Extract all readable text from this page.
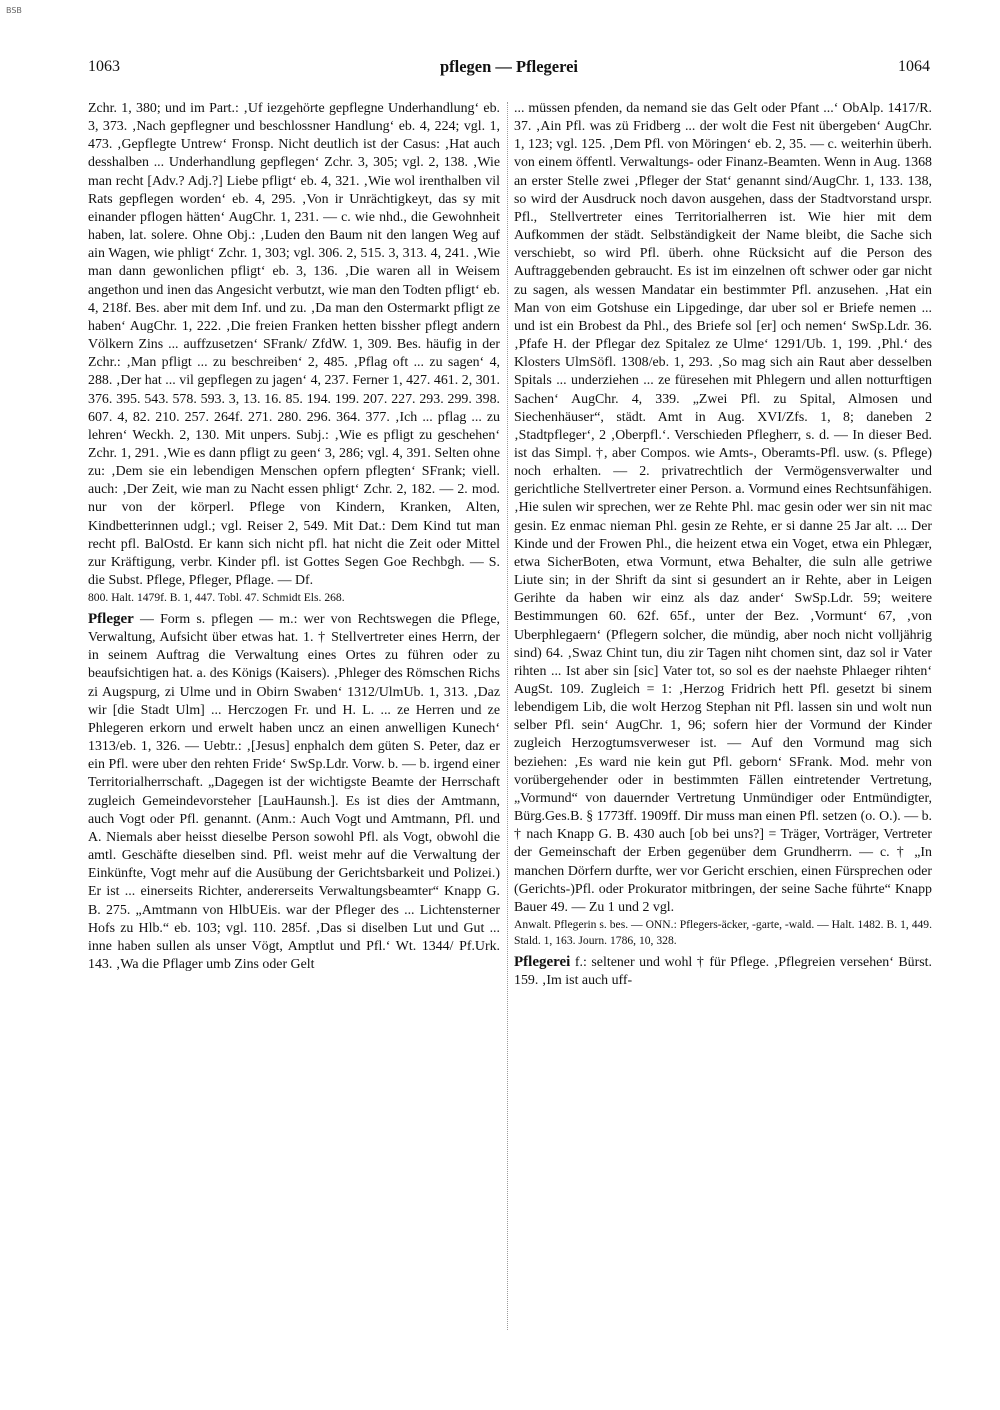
BSB
1063	pflegen — Pflegerei	1064

Zchr. 1, 380; und im Part.: ‚Uf iezgehörte gepflegne Underhandlung‘ eb. 3, 373. ‚Nach gepflegner und beschlossner Handlung‘ eb. 4, 224; vgl. 1, 473. ‚Gepflegte Untrew‘ Fronsp. Nicht deutlich ist der Casus: ‚Hat auch desshalben ... Underhandlung gepflegen‘ Zchr. 3, 305; vgl. 2, 138. ‚Wie man recht [Adv.? Adj.?] Liebe pfligt‘ eb. 4, 321. ‚Wie wol irenthalben vil Rats gepflegen worden‘ eb. 4, 295. ‚Von ir Unrächtigkeyt, das sy mit einander pflogen hätten‘ AugChr. 1, 231. — c. wie nhd., die Gewohnheit haben, lat. solere. Ohne Obj.: ‚Luden den Baum nit den langen Weg auf ain Wagen, wie phligt‘ Zchr. 1, 303; vgl. 306. 2, 515. 3, 313. 4, 241. ‚Wie man dann gewonlichen pfligt‘ eb. 3, 136. ‚Die waren all in Weisem angethon und inen das Angesicht verbutzt, wie man den Todten pfligt‘ eb. 4, 218f. Bes. aber mit dem Inf. und zu. ‚Da man den Ostermarkt pfligt ze haben‘ AugChr. 1, 222. ‚Die freien Franken hetten bissher pflegt andern Völkern Zins ... auffzusetzen‘ SFrank/ ZfdW. 1, 309. Bes. häufig in der Zchr.: ‚Man pfligt ... zu beschreiben‘ 2, 485. ‚Pflag oft ... zu sagen‘ 4, 288. ‚Der hat ... vil gepflegen zu jagen‘ 4, 237. Ferner 1, 427. 461. 2, 301. 376. 395. 543. 578. 593. 3, 13. 16. 85. 194. 199. 207. 227. 293. 299. 398. 607. 4, 82. 210. 257. 264f. 271. 280. 296. 364. 377. ‚Ich ... pflag ... zu lehren‘ Weckh. 2, 130. Mit unpers. Subj.: ‚Wie es pfligt zu geschehen‘ Zchr. 1, 291. ‚Wie es dann pfligt zu geen‘ 3, 286; vgl. 4, 391. Selten ohne zu: ‚Dem sie ein lebendigen Menschen opfern pflegten‘ SFrank; viell. auch: ‚Der Zeit, wie man zu Nacht essen phligt‘ Zchr. 2, 182. — 2. mod. nur von der körperl. Pflege von Kindern, Kranken, Alten, Kindbetterinnen udgl.; vgl. Reiser 2, 549. Mit Dat.: Dem Kind tut man recht pfl. BalOstd. Er kann sich nicht pfl. hat nicht die Zeit oder Mittel zur Kräftigung, verbr. Kinder pfl. ist Gottes Segen Goe Rechbgh. — S. die Subst. Pflege, Pfleger, Pflage. — Df.

800. Halt. 1479f. B. 1, 447. Tobl. 47. Schmidt Els. 268.

Pfleger — Form s. pflegen — m.: wer von Rechtswegen die Pflege, Verwaltung, Aufsicht über etwas hat. 1. † Stellvertreter eines Herrn, der in seinem Auftrag die Verwaltung eines Ortes zu führen oder zu beaufsichtigen hat. a. des Königs (Kaisers). ‚Phleger des Römschen Richs zi Augspurg, zi Ulme und in Obirn Swaben‘ 1312/UlmUb. 1, 313. ‚Daz wir [die Stadt Ulm] ... Herczogen Fr. und H. L. ... ze Herren und ze Phlegeren erkorn und erwelt haben uncz an einen anwelligen Kunech‘ 1313/eb. 1, 326. — Uebtr.: ‚[Jesus] enphalch dem güten S. Peter, daz er ein Pfl. were uber den rehten Fride‘ SwSp.Ldr. Vorw. b. — b. irgend einer Territorialherrschaft. „Dagegen ist der wichtigste Beamte der Herrschaft zugleich Gemeindevorsteher [LauHaunsh.]. Es ist dies der Amtmann, auch Vogt oder Pfl. genannt. (Anm.: Auch Vogt und Amtmann, Pfl. und A. Niemals aber heisst dieselbe Person sowohl Pfl. als Vogt, obwohl die amtl. Geschäfte dieselben sind. Pfl. weist mehr auf die Verwaltung der Einkünfte, Vogt mehr auf die Ausübung der Gerichtsbarkeit und Polizei.) Er ist ... einerseits Richter, andererseits Verwaltungsbeamter“ Knapp G. B. 275. „Amtmann von HlbUEis. war der Pfleger des ... Lichtensterner Hofs zu Hlb.“ eb. 103; vgl. 110. 285f. ‚Das si diselben Lut und Gut ... inne haben sullen als unser Vögt, Amptlut und Pfl.‘ Wt. 1344/ Pf.Urk. 143. ‚Wa die Pflager umb Zins oder Gelt

... müssen pfenden, da nemand sie das Gelt oder Pfant ...‘ ObAlp. 1417/R. 37. ‚Ain Pfl. was zü Fridberg ... der wolt die Fest nit übergeben‘ AugChr. 1, 123; vgl. 125. ‚Dem Pfl. von Möringen‘ eb. 2, 35. — c. weiterhin überh. von einem öffentl. Verwaltungs- oder Finanz-Beamten. Wenn in Aug. 1368 an erster Stelle zwei ‚Pfleger der Stat‘ genannt sind/AugChr. 1, 133. 138, so wird der Ausdruck noch davon ausgehen, dass der Stadtvorstand urspr. Pfl., Stellvertreter eines Territorialherren ist. Wie hier mit dem Aufkommen der städt. Selbständigkeit der Name bleibt, die Sache sich verschiebt, so wird Pfl. überh. ohne Rücksicht auf die Person des Auftraggebenden gebraucht. Es ist im einzelnen oft schwer oder gar nicht zu sagen, als wessen Mandatar ein bestimmter Pfl. anzusehen. ‚Hat ein Man von eim Gotshuse ein Lipgedinge, dar uber sol er Briefe nemen ... und ist ein Brobest da Phl., des Briefe sol [er] och nemen‘ SwSp.Ldr. 36. ‚Pfafe H. der Pflegar dez Spitalez ze Ulme‘ 1291/Ub. 1, 199. ‚Phl.‘ des Klosters UlmSöfl. 1308/eb. 1, 293. ‚So mag sich ain Raut aber desselben Spitals ... underziehen ... ze füresehen mit Phlegern und allen notturftigen Sachen‘ AugChr. 4, 339. „Zwei Pfl. zu Spital, Almosen und Siechenhäuser“, städt. Amt in Aug. XVI/Zfs. 1, 8; daneben 2 ‚Stadtpfleger‘, 2 ‚Oberpfl.‘. Verschieden Pflegherr, s. d. — In dieser Bed. ist das Simpl. †, aber Compos. wie Amts-, Oberamts-Pfl. usw. (s. Pflege) noch erhalten. — 2. privatrechtlich der Vermögensverwalter und gerichtliche Stellvertreter einer Person. a. Vormund eines Rechtsunfähigen. ‚Hie sulen wir sprechen, wer ze Rehte Phl. mac gesin oder wer sin nit mac gesin. Ez enmac nieman Phl. gesin ze Rehte, er si danne 25 Jar alt. ... Der Kinde und der Frowen Phl., die heizent etwa ein Voget, etwa ein Phlegær, etwa SicherBoten, etwa Vormunt, etwa Behalter, die suln alle getriwe Liute sin; in der Shrift da sint si gesundert an ir Rehte, aber in Leigen Gerihte da haben wir einz als daz ander‘ SwSp.Ldr. 59; weitere Bestimmungen 60. 62f. 65f., unter der Bez. ‚Vormunt‘ 67, ‚von Uberphlegaern‘ (Pflegern solcher, die mündig, aber noch nicht volljährig sind) 64. ‚Swaz Chint tun, diu zir Tagen niht chomen sint, daz sol ir Vater rihten ... Ist aber sin [sic] Vater tot, so sol es der naehste Phlaeger rihten‘ AugSt. 109. Zugleich = 1: ‚Herzog Fridrich hett Pfl. gesetzt bi sinem lebendigem Lib, die wolt Herzog Stephan nit Pfl. lassen sin und wolt nun selber Pfl. sein‘ AugChr. 1, 96; sofern hier der Vormund der Kinder zugleich Herzogtumsverweser ist. — Auf den Vormund mag sich beziehen: ‚Es ward nie kein gut Pfl. geborn‘ SFrank. Mod. mehr von vorübergehender oder in bestimmten Fällen eintretender Vertretung, „Vormund“ von dauernder Vertretung Unmündiger oder Entmündigter, Bürg.Ges.B. § 1773ff. 1909ff. Dir muss man einen Pfl. setzen (o. O.). — b. † nach Knapp G. B. 430 auch [ob bei uns?] = Träger, Vorträger, Vertreter der Gemeinschaft der Erben gegenüber dem Grundherrn. — c. † „In manchen Dörfern durfte, wer vor Gericht erschien, einen Fürsprechen oder (Gerichts-)Pfl. oder Prokurator mitbringen, der seine Sache führte“ Knapp Bauer 49. — Zu 1 und 2 vgl.

Anwalt. Pflegerin s. bes. — ONN.: Pflegers-äcker, -garte, -wald. — Halt. 1482. B. 1, 449. Stald. 1, 163. Journ. 1786, 10, 328.

Pflegerei f.: seltener und wohl † für Pflege. ‚Pflegreien versehen‘ Bürst. 159. ‚Im ist auch uff-
